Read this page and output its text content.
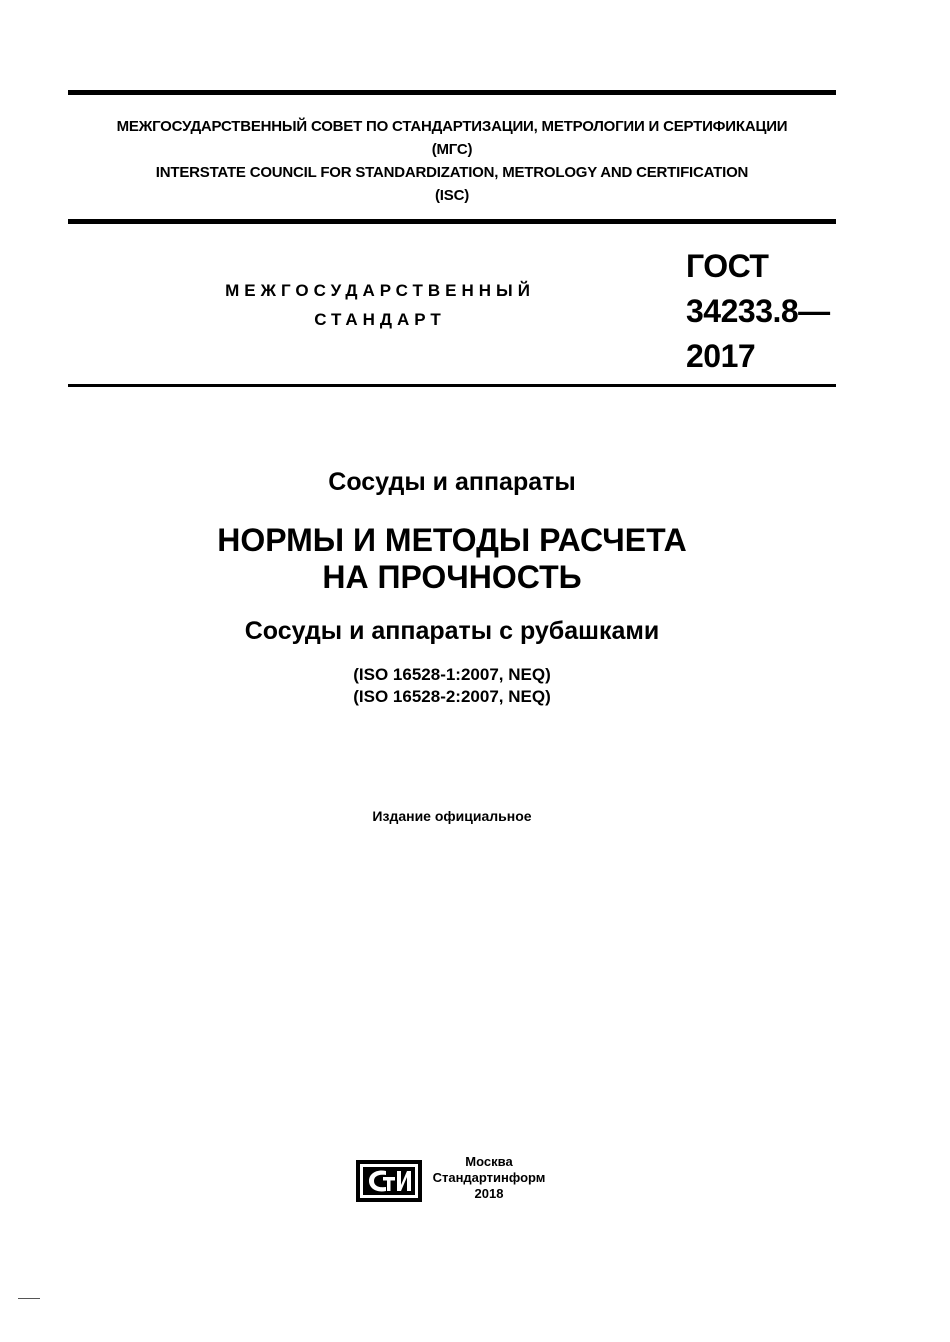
МЕЖГОСУДАРСТВЕННЫЙ СОВЕТ ПО СТАНДАРТИЗАЦИИ, МЕТРОЛОГИИ И СЕРТИФИКАЦИИ
(МГС)
INTERSTATE COUNCIL FOR STANDARDIZATION, METROLOGY AND CERTIFICATION
(ISC)
МЕЖГОСУДАРСТВЕННЫЙ
СТАНДАРТ
ГОСТ
34233.8—
2017
Сосуды и аппараты
НОРМЫ И МЕТОДЫ РАСЧЕТА
НА ПРОЧНОСТЬ
Сосуды и аппараты с рубашками
(ISO 16528-1:2007, NEQ)
(ISO 16528-2:2007, NEQ)
Издание официальное
Москва
Стандартинформ
2018
